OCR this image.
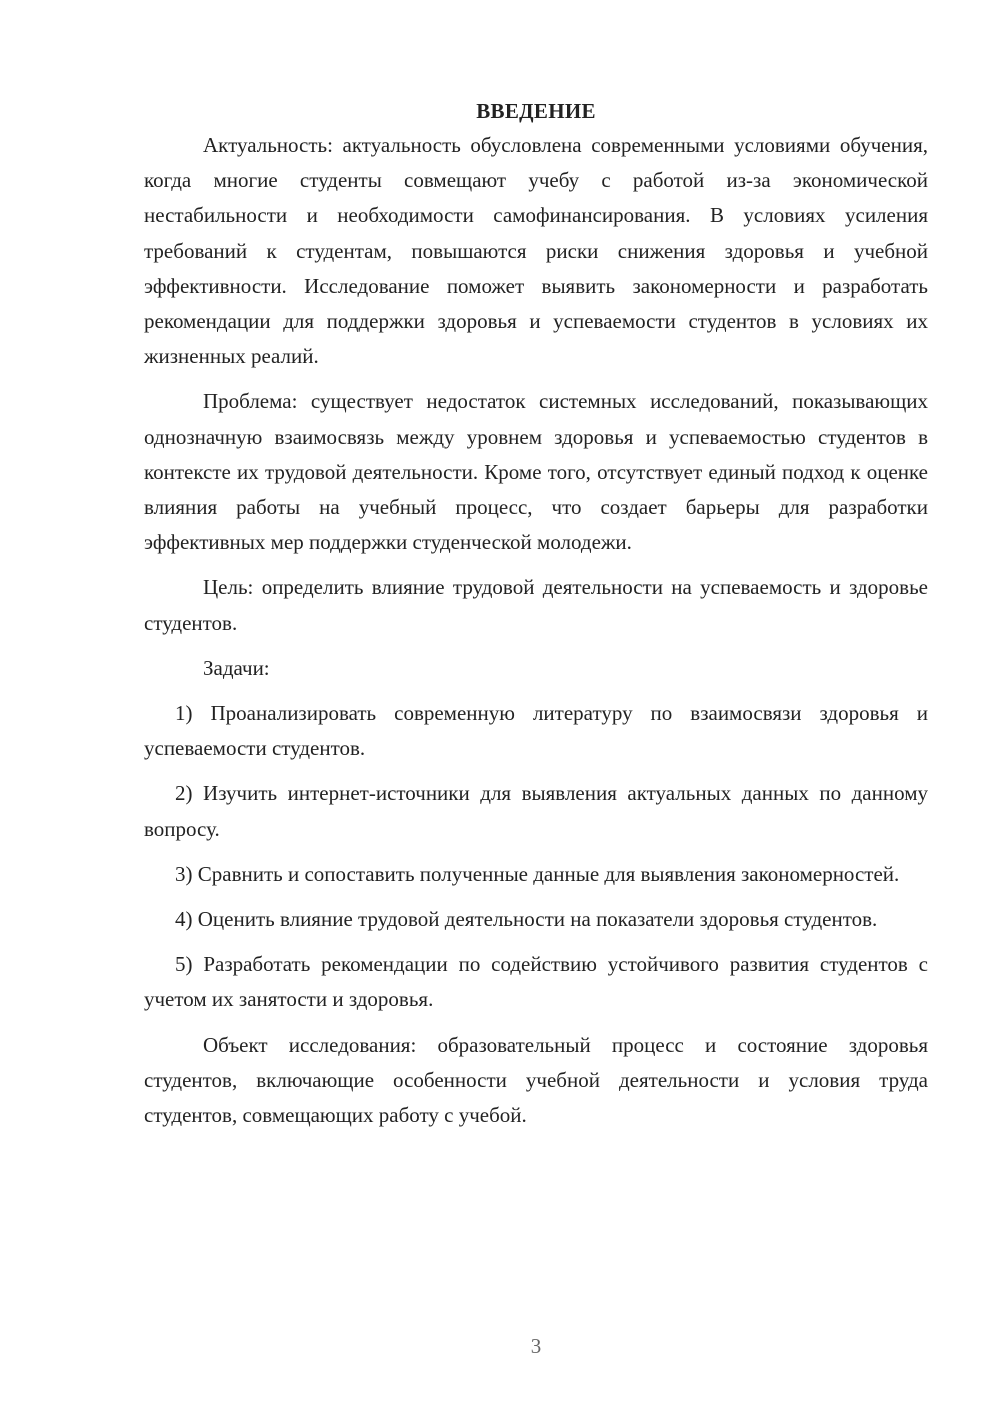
ВВЕДЕНИЕ

Актуальность: актуальность обусловлена современными условиями обучения, когда многие студенты совмещают учебу с работой из-за экономической нестабильности и необходимости самофинансирования. В условиях усиления требований к студентам, повышаются риски снижения здоровья и учебной эффективности. Исследование поможет выявить закономерности и разработать рекомендации для поддержки здоровья и успеваемости студентов в условиях их жизненных реалий.

Проблема: существует недостаток системных исследований, показывающих однозначную взаимосвязь между уровнем здоровья и успеваемостью студентов в контексте их трудовой деятельности. Кроме того, отсутствует единый подход к оценке влияния работы на учебный процесс, что создает барьеры для разработки эффективных мер поддержки студенческой молодежи.

Цель: определить влияние трудовой деятельности на успеваемость и здоровье студентов.

Задачи:

1) Проанализировать современную литературу по взаимосвязи здоровья и успеваемости студентов.

2) Изучить интернет-источники для выявления актуальных данных по данному вопросу.

3) Сравнить и сопоставить полученные данные для выявления закономерностей.

4) Оценить влияние трудовой деятельности на показатели здоровья студентов.

5) Разработать рекомендации по содействию устойчивого развития студентов с учетом их занятости и здоровья.

Объект исследования: образовательный процесс и состояние здоровья студентов, включающие особенности учебной деятельности и условия труда студентов, совмещающих работу с учебой.

3
